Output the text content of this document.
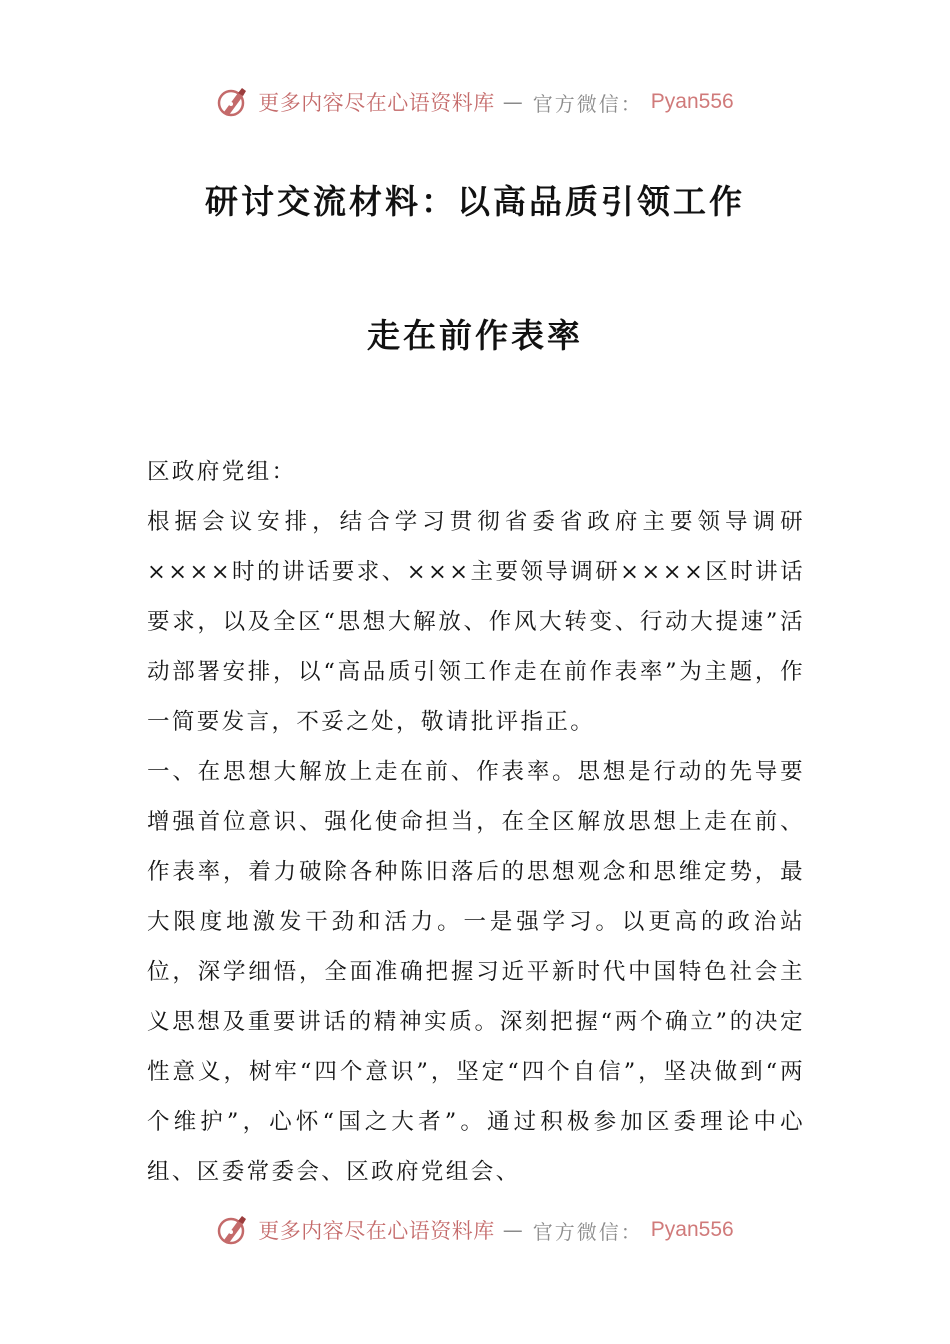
更多内容尽在心语资料库 — 官方微信： Pyan556
研讨交流材料：以高品质引领工作
走在前作表率

区政府党组：

根据会议安排，结合学习贯彻省委省政府主要领导调研××××时的讲话要求、×××主要领导调研××××区时讲话要求，以及全区“思想大解放、作风大转变、行动大提速”活动部署安排，以“高品质引领工作走在前作表率”为主题，作一简要发言，不妥之处，敬请批评指正。

一、在思想大解放上走在前、作表率。思想是行动的先导要增强首位意识、强化使命担当，在全区解放思想上走在前、作表率，着力破除各种陈旧落后的思想观念和思维定势，最大限度地激发干劲和活力。一是强学习。以更高的政治站位，深学细悟，全面准确把握习近平新时代中国特色社会主义思想及重要讲话的精神实质。深刻把握“两个确立”的决定性意义，树牢“四个意识”，坚定“四个自信”，坚决做到“两个维护”，心怀“国之大者”。通过积极参加区委理论中心组、区委常委会、区政府党组会、

更多内容尽在心语资料库 — 官方微信： Pyan556
